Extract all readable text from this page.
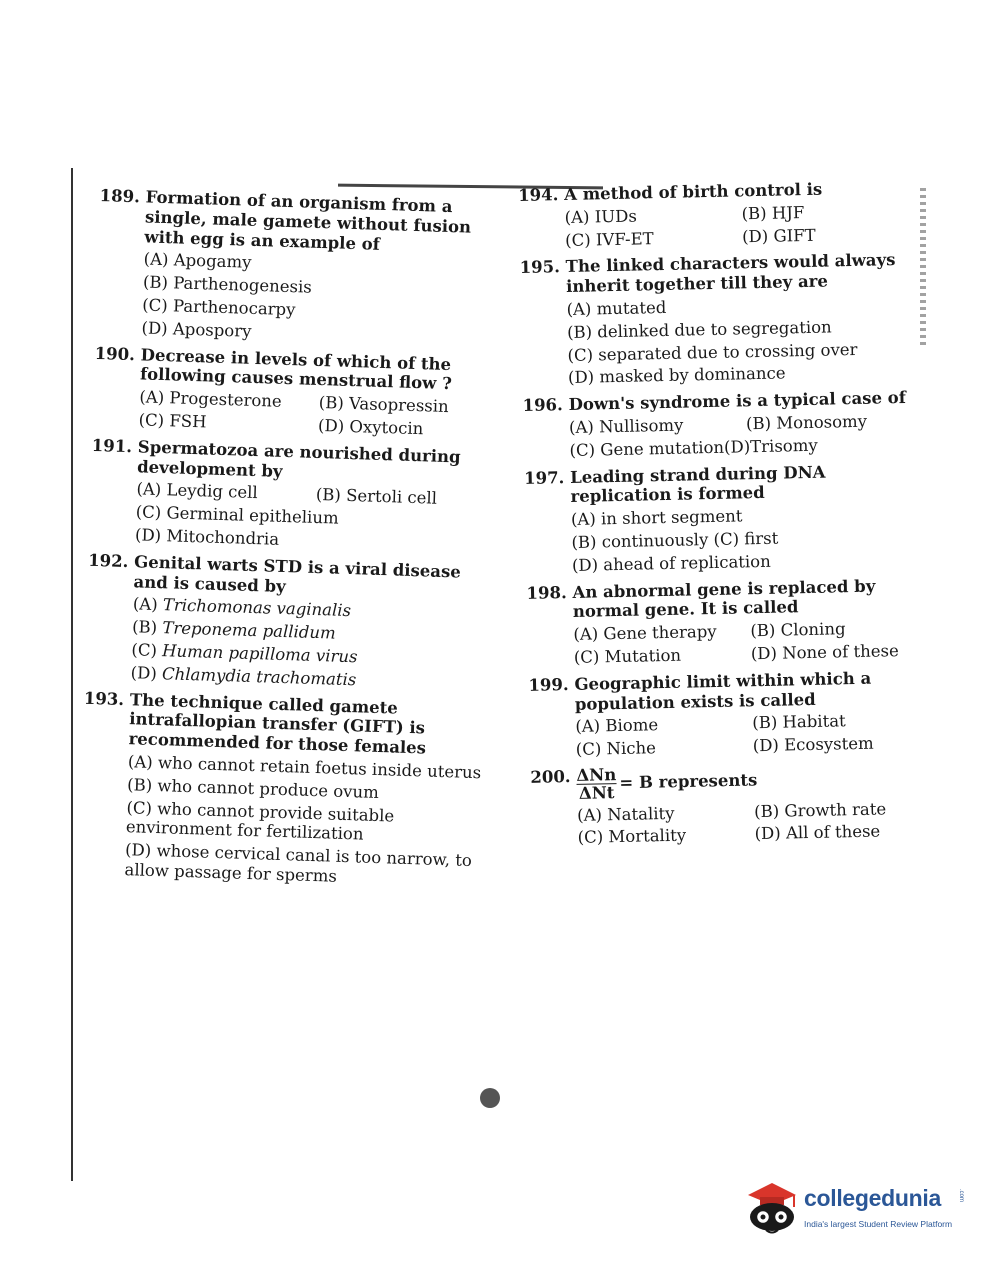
189. Formation of an organism from a single, male gamete without fusion with egg is an example of
(A) Apogamy
(B) Parthenogenesis
(C) Parthenocarpy
(D) Apospory
190. Decrease in levels of which of the following causes menstrual flow ?
(A) Progesterone	(B) Vasopressin
(C) FSH	(D) Oxytocin
191. Spermatozoa are nourished during development by
(A) Leydig cell	(B) Sertoli cell
(C) Germinal epithelium
(D) Mitochondria
192. Genital warts STD is a viral disease and is caused by
(A) Trichomonas vaginalis
(B) Treponema pallidum
(C) Human papilloma virus
(D) Chlamydia trachomatis
193. The technique called gamete intrafallopian transfer (GIFT) is recommended for those females
(A) who cannot retain foetus inside uterus
(B) who cannot produce ovum
(C) who cannot provide suitable environment for fertilization
(D) whose cervical canal is too narrow, to allow passage for sperms
194. A method of birth control is
(A) IUDs	(B) HJF
(C) IVF-ET	(D) GIFT
195. The linked characters would always inherit together till they are
(A) mutated
(B) delinked due to segregation
(C) separated due to crossing over
(D) masked by dominance
196. Down's syndrome is a typical case of
(A) Nullisomy	(B) Monosomy
(C) Gene mutation(D)Trisomy
197. Leading strand during DNA replication is formed
(A) in short segment
(B) continuously (C) first
(D) ahead of replication
198. An abnormal gene is replaced by normal gene. It is called
(A) Gene therapy	(B) Cloning
(C) Mutation	(D) None of these
199. Geographic limit within which a population exists is called
(A) Biome	(B) Habitat
(C) Niche	(D) Ecosystem
200. $\frac{\text{ΔNn}}{\text{ΔNt}} = B$ represents
(A) Natality	(B) Growth rate
(C) Mortality	(D) All of these
collegedunia
India's largest Student Review Platform
.com
